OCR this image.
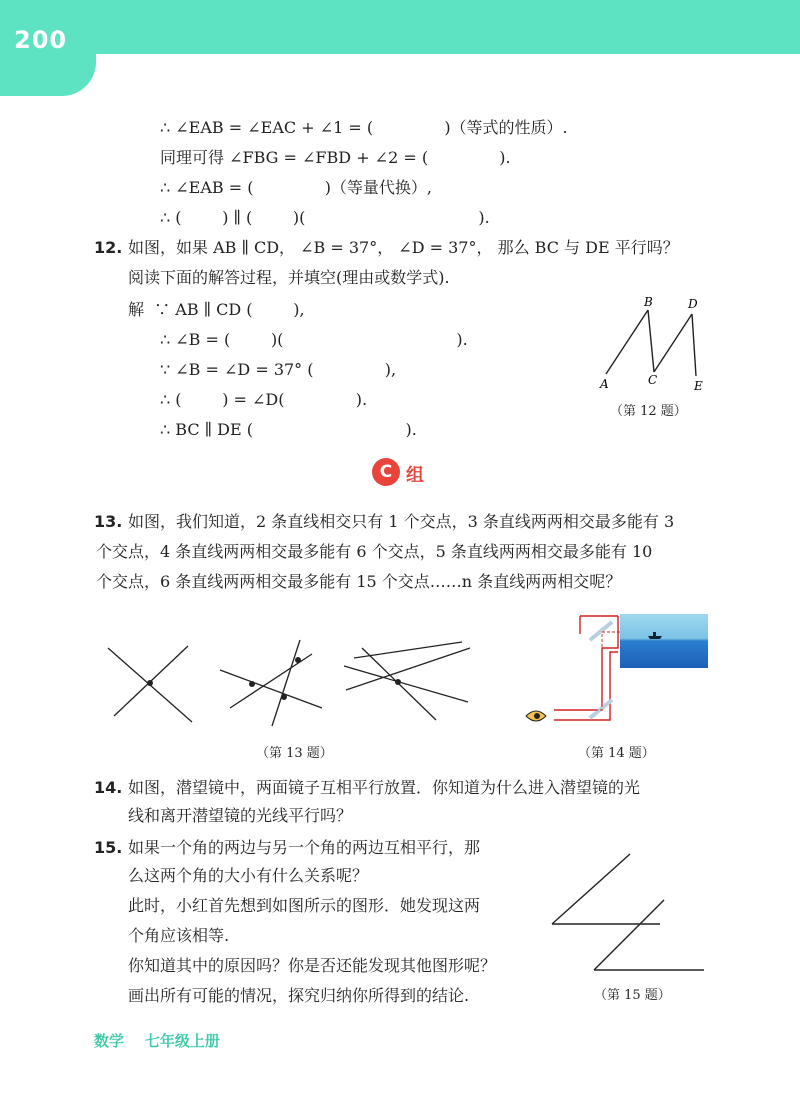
200
∴ ∠EAB = ∠EAC + ∠1 = (              )（等式的性质）.
同理可得 ∠FBG = ∠FBD + ∠2 = (              ).
∴ ∠EAB = (              )（等量代换）,
∴ (        ) ∥ (        )(                                  ).
12. 如图，如果 AB ∥ CD， ∠B = 37°， ∠D = 37°， 那么 BC 与 DE 平行吗？
阅读下面的解答过程，并填空(理由或数学式).
解  ∵ AB ∥ CD (        ),
∴ ∠B = (        )(                                  ).
∵ ∠B = ∠D = 37° (              ),
∴ (        ) = ∠D(              ).
∴ BC ∥ DE (                              ).
B	D
A	C	E
（第 12 题）
C 组
13. 如图，我们知道，2 条直线相交只有 1 个交点，3 条直线两两相交最多能有 3
个交点，4 条直线两两相交最多能有 6 个交点，5 条直线两两相交最多能有 10
个交点，6 条直线两两相交最多能有 15 个交点……n 条直线两两相交呢？
（第 13 题）	（第 14 题）
14. 如图，潜望镜中，两面镜子互相平行放置．你知道为什么进入潜望镜的光
线和离开潜望镜的光线平行吗？
15. 如果一个角的两边与另一个角的两边互相平行，那
么这两个角的大小有什么关系呢？
此时，小红首先想到如图所示的图形．她发现这两
个角应该相等.
你知道其中的原因吗？你是否还能发现其他图形呢？
画出所有可能的情况，探究归纳你所得到的结论.	（第 15 题）
数学    七年级上册
